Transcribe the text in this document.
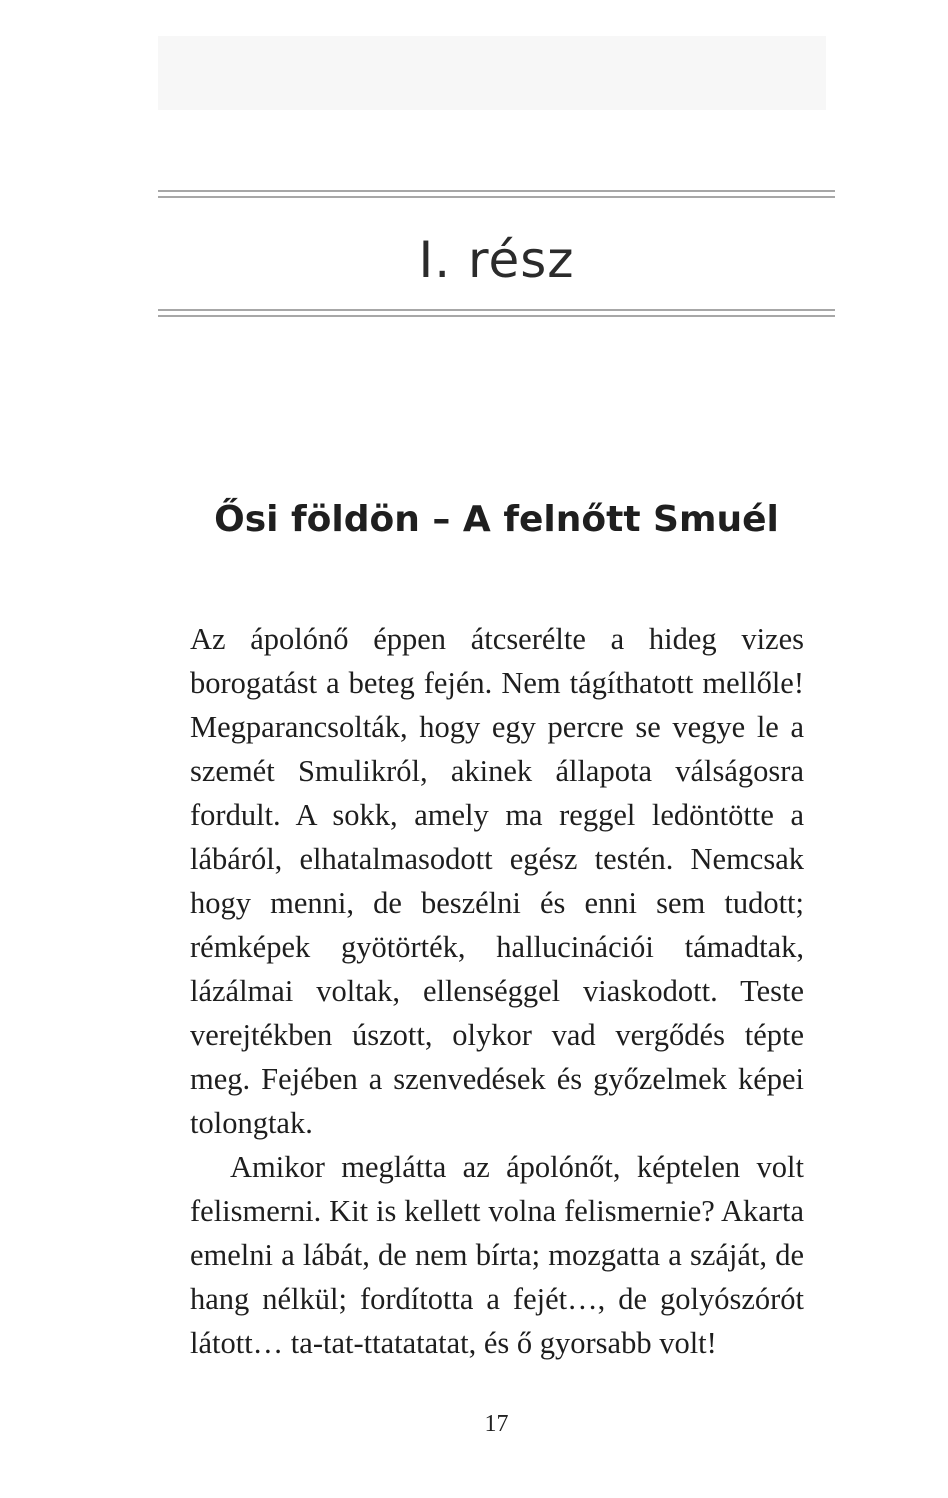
I. rész
Ősi földön – A felnőtt Smuél

Az ápolónő éppen átcserélte a hideg vizes borogatást a beteg fején. Nem tágíthatott mellőle! Megparancsolták, hogy egy percre se vegye le a szemét Smulikról, akinek állapota válságosra fordult. A sokk, amely ma reggel ledöntötte a lábáról, elhatalmasodott egész testén. Nemcsak hogy menni, de beszélni és enni sem tudott; rémképek gyötörték, hallucinációi támadtak, lázálmai voltak, ellenséggel viaskodott. Teste verejtékben úszott, olykor vad vergődés tépte meg. Fejében a szenvedések és győzelmek képei tolongtak.

Amikor meglátta az ápolónőt, képtelen volt felismerni. Kit is kellett volna felismernie? Akarta emelni a lábát, de nem bírta; mozgatta a száját, de hang nélkül; fordította a fejét…, de golyószórót látott… ta-tat-ttatatatat, és ő gyorsabb volt!

17
